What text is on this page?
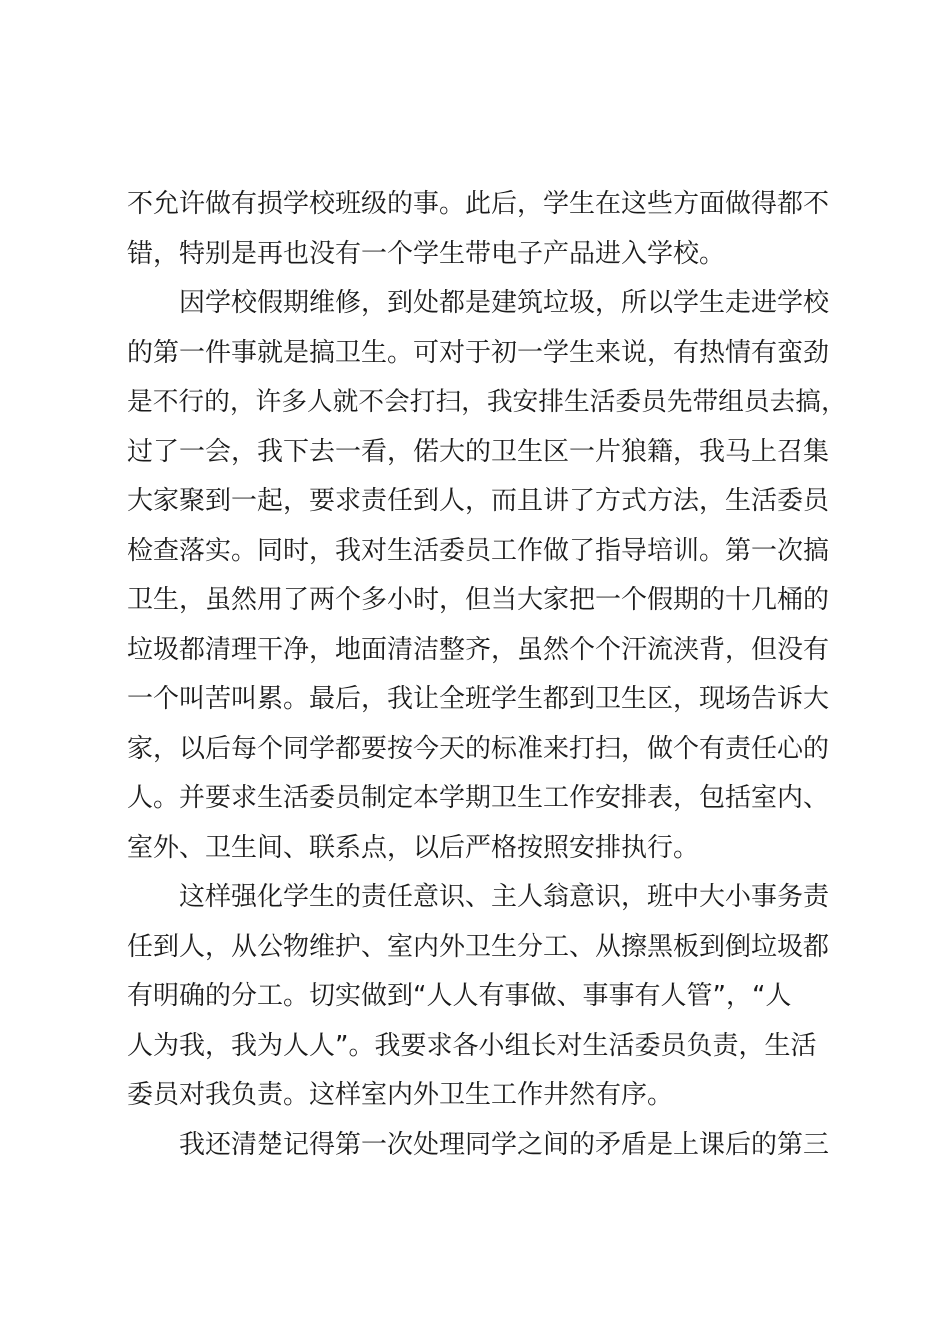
不允许做有损学校班级的事。此后，学生在这些方面做得都不
错，特别是再也没有一个学生带电子产品进入学校。
因学校假期维修，到处都是建筑垃圾，所以学生走进学校
的第一件事就是搞卫生。可对于初一学生来说，有热情有蛮劲
是不行的，许多人就不会打扫，我安排生活委员先带组员去搞，
过了一会，我下去一看，偌大的卫生区一片狼籍，我马上召集
大家聚到一起，要求责任到人，而且讲了方式方法，生活委员
检查落实。同时，我对生活委员工作做了指导培训。第一次搞
卫生，虽然用了两个多小时，但当大家把一个假期的十几桶的
垃圾都清理干净，地面清洁整齐，虽然个个汗流浃背，但没有
一个叫苦叫累。最后，我让全班学生都到卫生区，现场告诉大
家，以后每个同学都要按今天的标准来打扫，做个有责任心的
人。并要求生活委员制定本学期卫生工作安排表，包括室内、
室外、卫生间、联系点，以后严格按照安排执行。
这样强化学生的责任意识、主人翁意识，班中大小事务责
任到人，从公物维护、室内外卫生分工、从擦黑板到倒垃圾都
有明确的分工。切实做到“人人有事做、事事有人管”，“人
人为我，我为人人”。我要求各小组长对生活委员负责，生活
委员对我负责。这样室内外卫生工作井然有序。
我还清楚记得第一次处理同学之间的矛盾是上课后的第三
